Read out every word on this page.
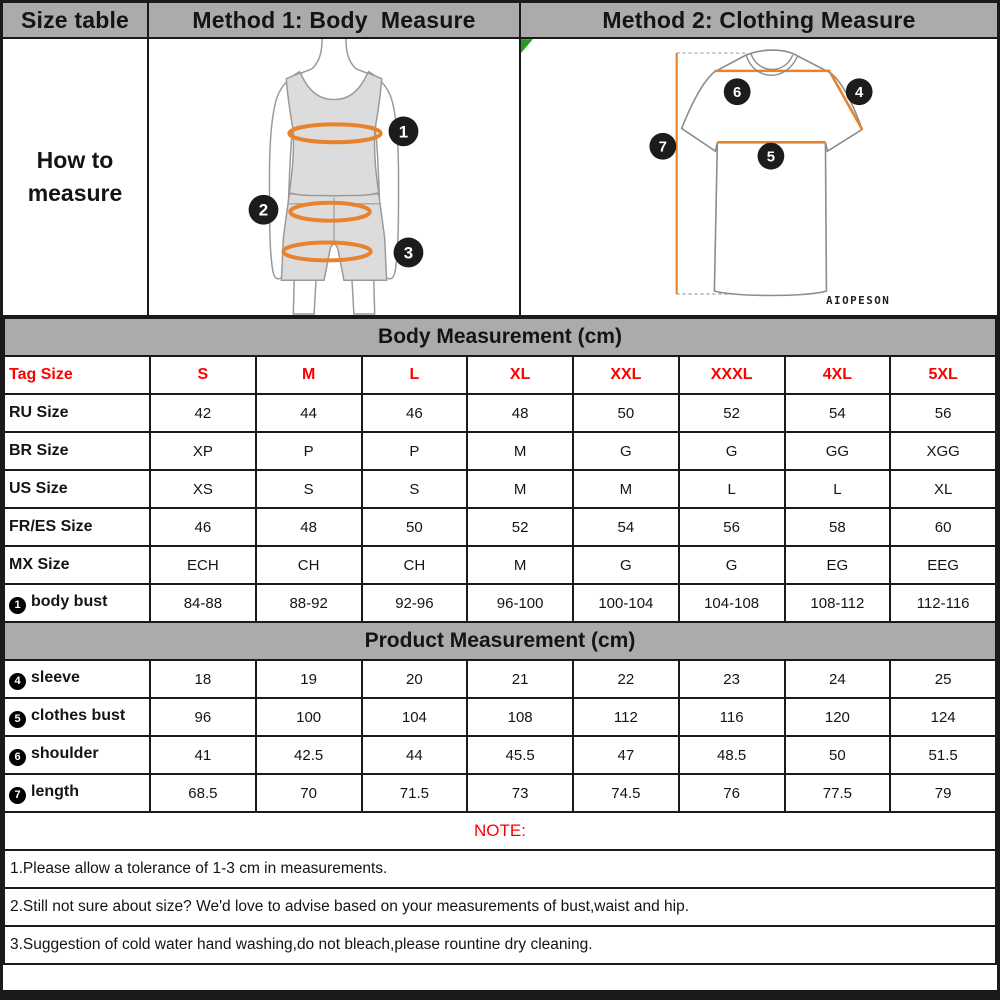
Size table	Method 1: Body  Measure	Method 2: Clothing Measure
How to measure
1
2
3
6	4
7
5
AIOPESON
Body Measurement (cm)								
Tag Size	S	M	L	XL	XXL	XXXL	4XL	5XL
RU Size	42	44	46	48	50	52	54	56
BR Size	XP	P	P	M	G	G	GG	XGG
US Size	XS	S	S	M	M	L	L	XL
FR/ES Size	46	48	50	52	54	56	58	60
MX Size	ECH	CH	CH	M	G	G	EG	EEG
1 body bust	84-88	88-92	92-96	96-100	100-104	104-108	108-112	112-116
Product Measurement (cm)								
4 sleeve	18	19	20	21	22	23	24	25
5 clothes bust	96	100	104	108	112	116	120	124
6 shoulder	41	42.5	44	45.5	47	48.5	50	51.5
7 length	68.5	70	71.5	73	74.5	76	77.5	79
NOTE:								
1.Please allow a tolerance of 1-3 cm in measurements.								
2.Still not sure about size? We'd love to advise based on your measurements of bust,waist and hip.								
3.Suggestion of cold water hand washing,do not bleach,please rountine dry cleaning.								
